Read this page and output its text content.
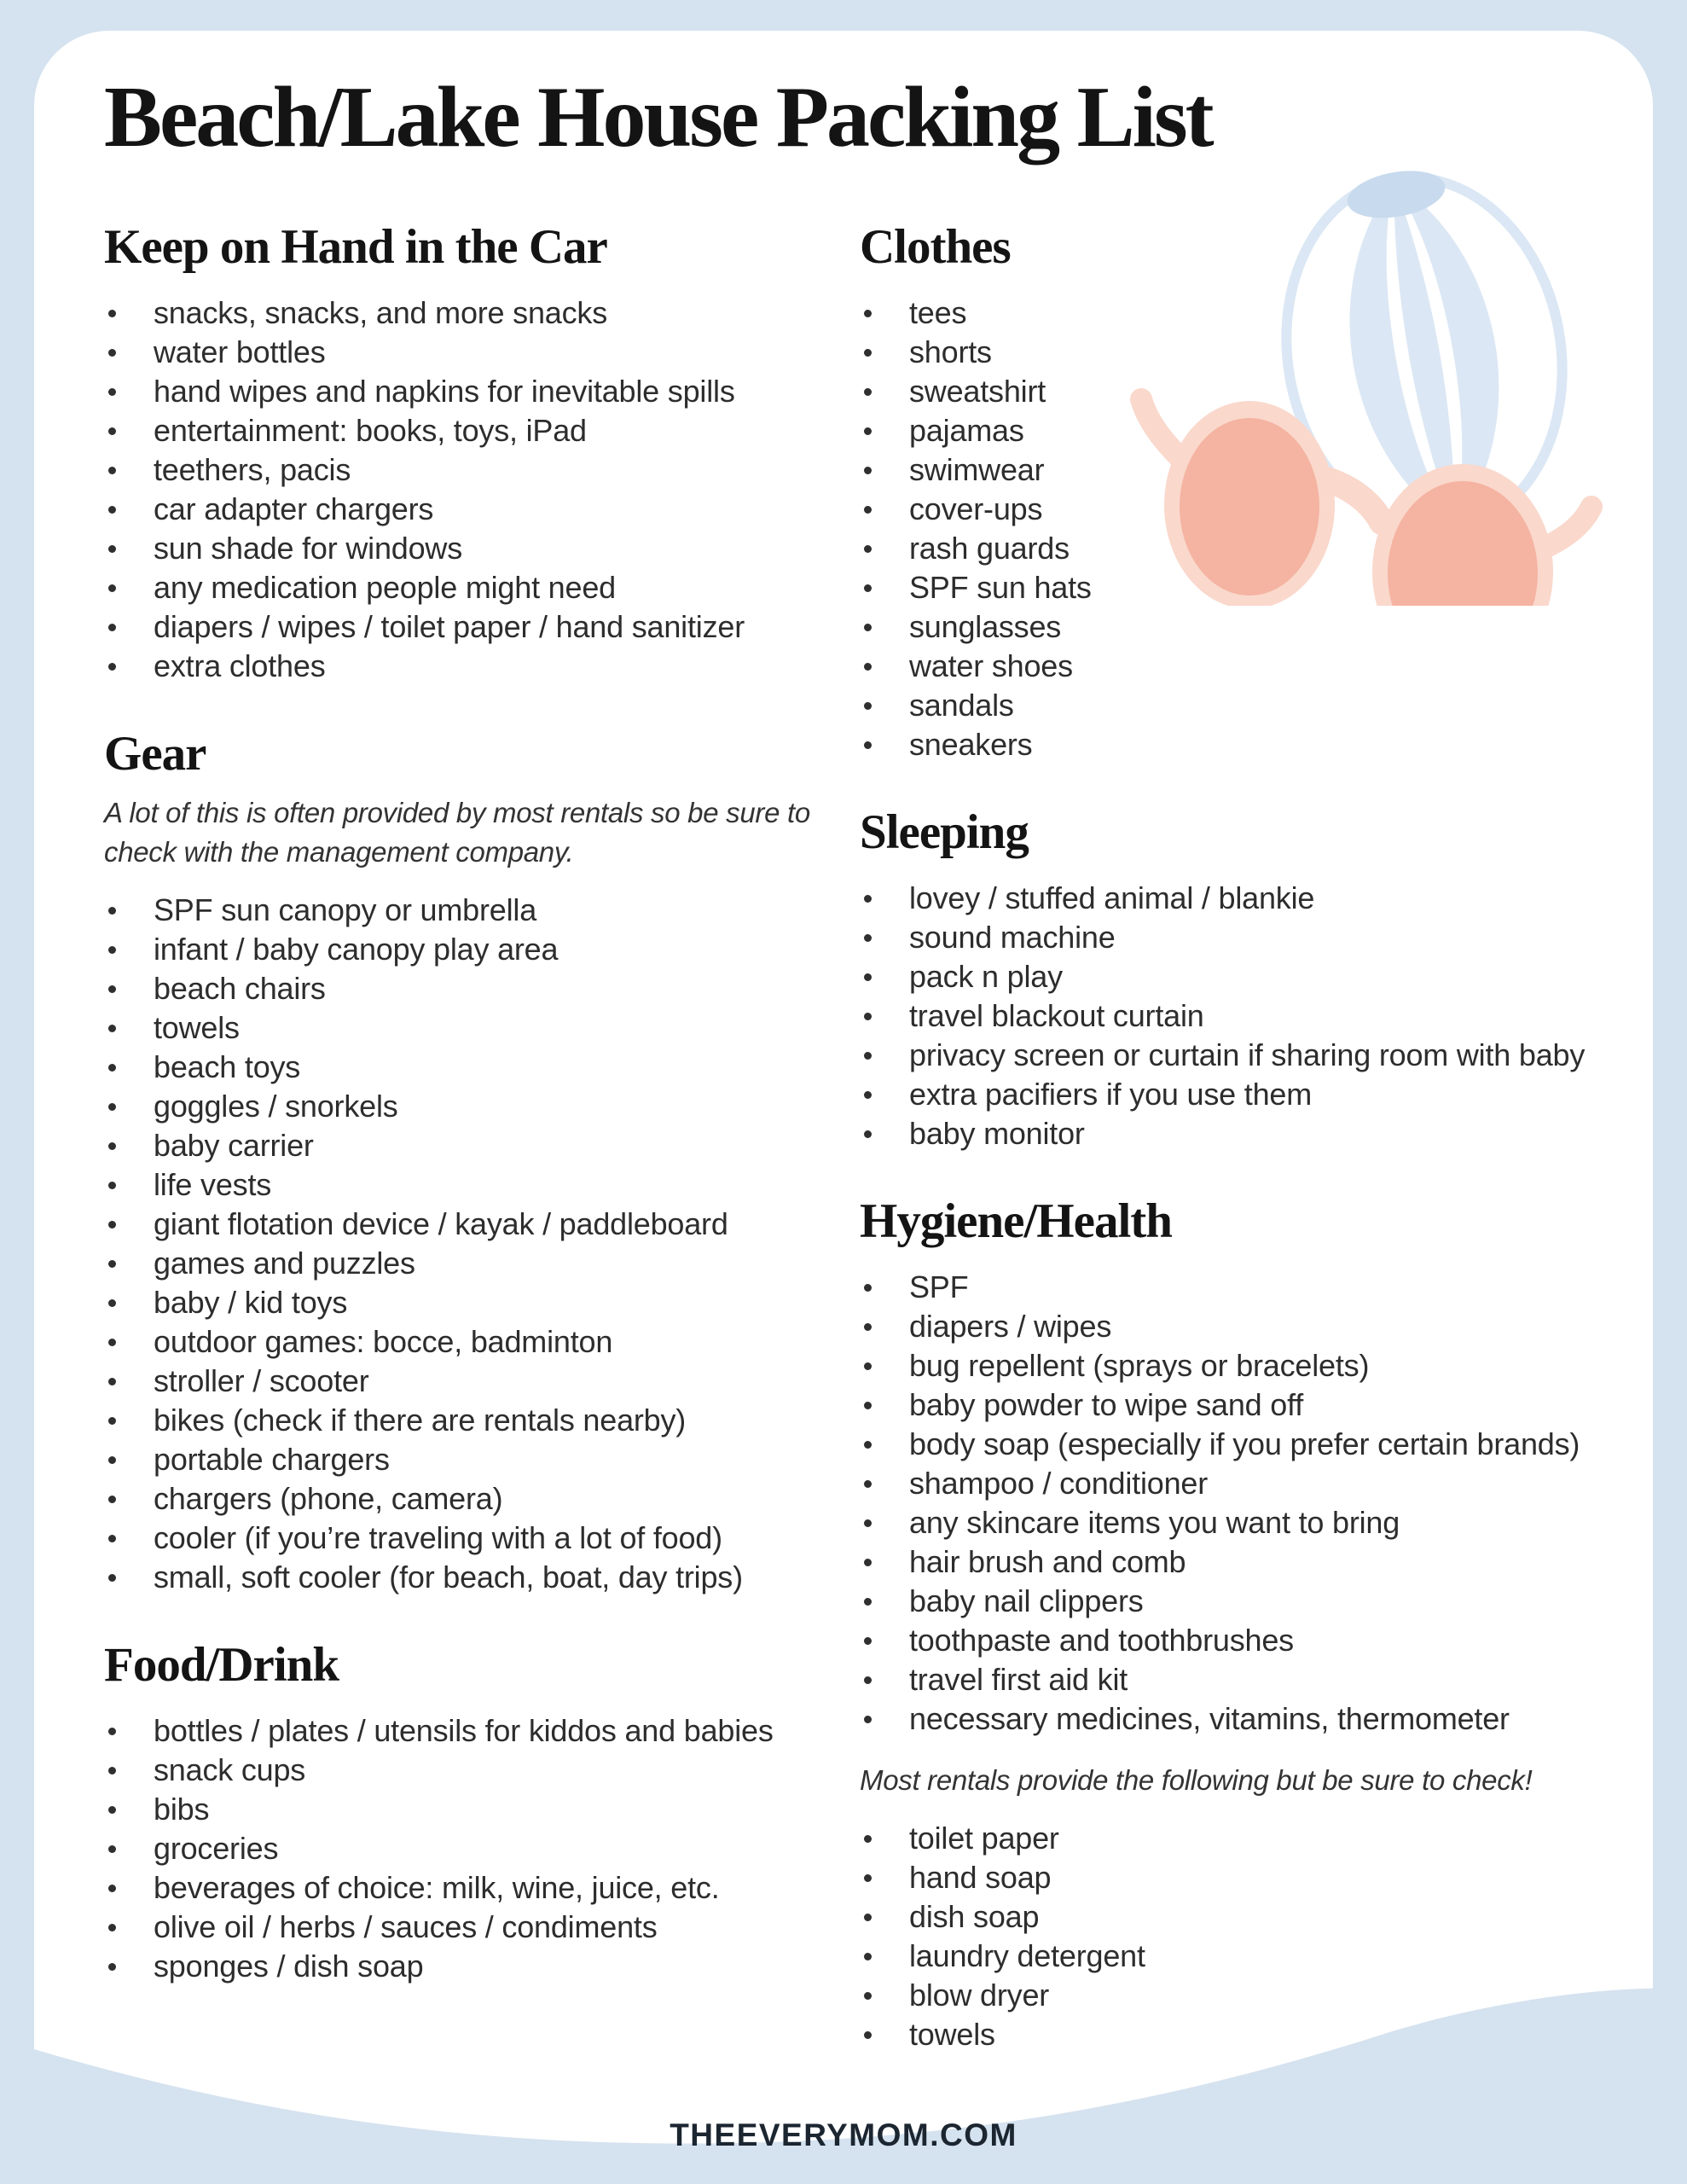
Beach/Lake House Packing List
Keep on Hand in the Car
snacks, snacks, and more snacks
water bottles
hand wipes and napkins for inevitable spills
entertainment: books, toys, iPad
teethers, pacis
car adapter chargers
sun shade for windows
any medication people might need
diapers / wipes / toilet paper / hand sanitizer
extra clothes
Gear

A lot of this is often provided by most rentals so be sure to check with the management company.

SPF sun canopy or umbrella
infant / baby canopy play area
beach chairs
towels
beach toys
goggles / snorkels
baby carrier
life vests
giant flotation device / kayak / paddleboard
games and puzzles
baby / kid toys
outdoor games: bocce, badminton
stroller / scooter
bikes (check if there are rentals nearby)
portable chargers
chargers (phone, camera)
cooler (if you’re traveling with a lot of food)
small, soft cooler (for beach, boat, day trips)
Food/Drink
bottles / plates / utensils for kiddos and babies
snack cups
bibs
groceries
beverages of choice: milk, wine, juice, etc.
olive oil / herbs / sauces / condiments
sponges / dish soap
Clothes
tees
shorts
sweatshirt
pajamas
swimwear
cover-ups
rash guards
SPF sun hats
sunglasses
water shoes
sandals
sneakers
Sleeping
lovey / stuffed animal / blankie
sound machine
pack n play
travel blackout curtain
privacy screen or curtain if sharing room with baby
extra pacifiers if you use them
baby monitor
Hygiene/Health
SPF
diapers / wipes
bug repellent (sprays or bracelets)
baby powder to wipe sand off
body soap (especially if you prefer certain brands)
shampoo / conditioner
any skincare items you want to bring
hair brush and comb
baby nail clippers
toothpaste and toothbrushes
travel first aid kit
necessary medicines, vitamins, thermometer

Most rentals provide the following but be sure to check!

toilet paper
hand soap
dish soap
laundry detergent
blow dryer
towels
THEEVERYMOM.COM
